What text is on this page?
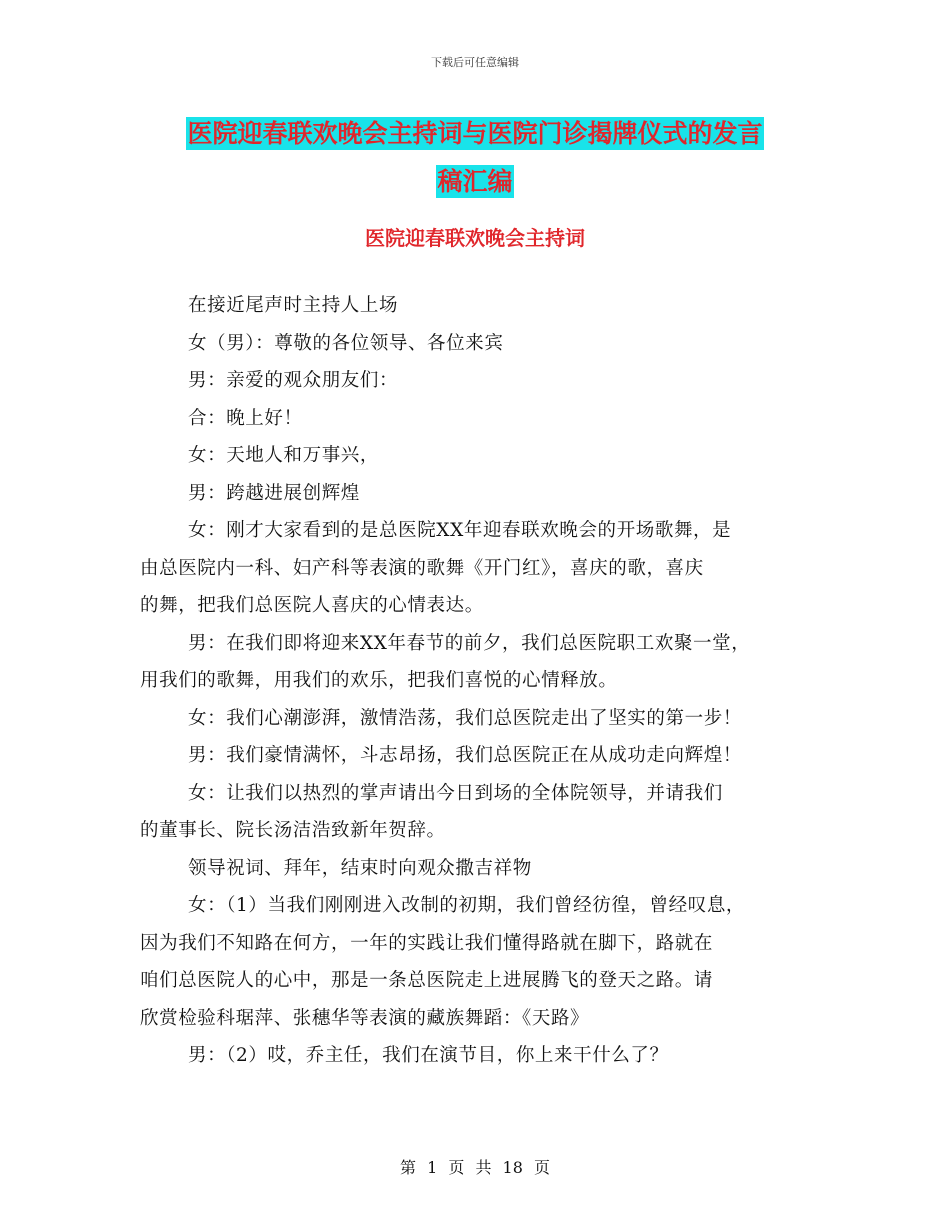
下载后可任意编辑
医院迎春联欢晚会主持词与医院门诊揭牌仪式的发言
稿汇编
医院迎春联欢晚会主持词

在接近尾声时主持人上场

女（男）：尊敬的各位领导、各位来宾

男：亲爱的观众朋友们：

合：晚上好！

女：天地人和万事兴，

男：跨越进展创辉煌

女：刚才大家看到的是总医院XX年迎春联欢晚会的开场歌舞，是
由总医院内一科、妇产科等表演的歌舞《开门红》，喜庆的歌，喜庆
的舞，把我们总医院人喜庆的心情表达。

男：在我们即将迎来XX年春节的前夕，我们总医院职工欢聚一堂，
用我们的歌舞，用我们的欢乐，把我们喜悦的心情释放。

女：我们心潮澎湃，激情浩荡，我们总医院走出了坚实的第一步！

男：我们豪情满怀，斗志昂扬，我们总医院正在从成功走向辉煌！

女：让我们以热烈的掌声请出今日到场的全体院领导，并请我们
的董事长、院长汤洁浩致新年贺辞。

领导祝词、拜年，结束时向观众撒吉祥物

女：（1）当我们刚刚进入改制的初期，我们曾经彷徨，曾经叹息，
因为我们不知路在何方，一年的实践让我们懂得路就在脚下，路就在
咱们总医院人的心中，那是一条总医院走上进展腾飞的登天之路。请
欣赏检验科琚萍、张穗华等表演的藏族舞蹈：《天路》

男：（2）哎，乔主任，我们在演节目，你上来干什么了？

第 1 页 共 18 页
